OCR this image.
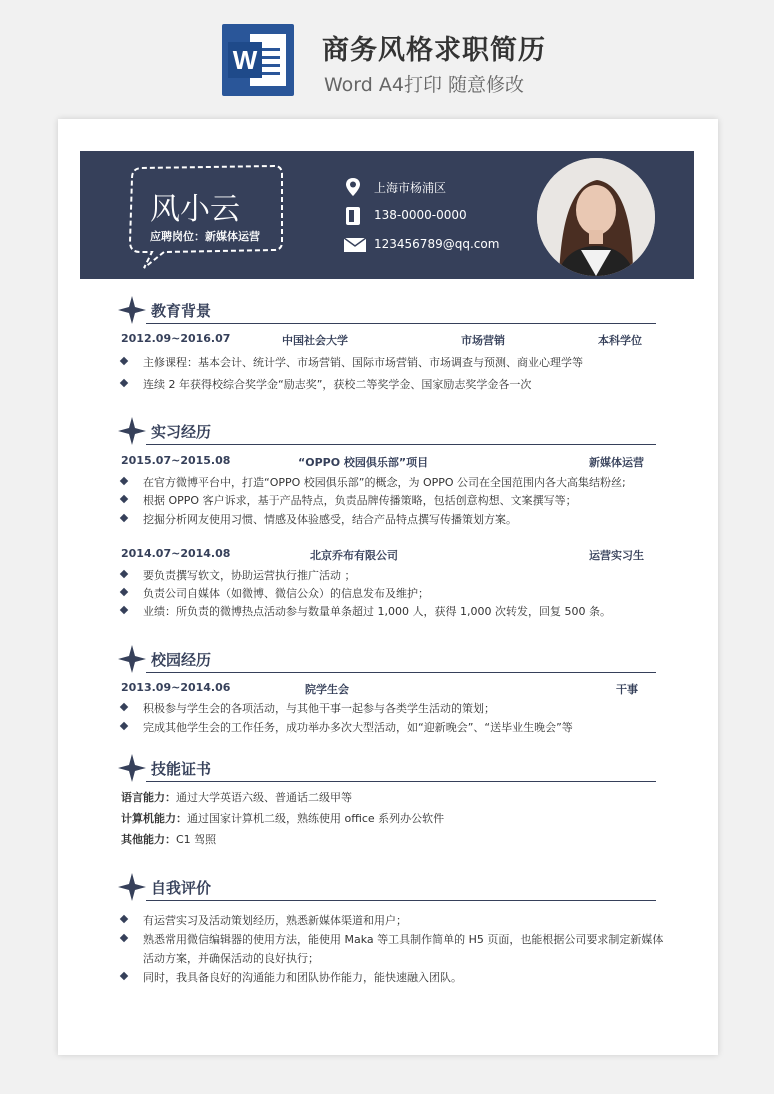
W 商务风格求职简历
Word A4打印 随意修改
风小云
应聘岗位：新媒体运营
上海市杨浦区
138-0000-0000
123456789@qq.com
教育背景
2012.09~2016.07	中国社会大学	市场营销	本科学位
主修课程：基本会计、统计学、市场营销、国际市场营销、市场调查与预测、商业心理学等
连续 2 年获得校综合奖学金“励志奖”，获校二等奖学金、国家励志奖学金各一次
实习经历
2015.07~2015.08	“OPPO 校园俱乐部”项目	新媒体运营
在官方微博平台中，打造“OPPO 校园俱乐部”的概念，为 OPPO 公司在全国范围内各大高集结粉丝;
根据 OPPO 客户诉求，基于产品特点，负责品牌传播策略，包括创意构想、文案撰写等；
挖掘分析网友使用习惯、情感及体验感受，结合产品特点撰写传播策划方案。
2014.07~2014.08	北京乔布有限公司	运营实习生
要负责撰写软文，协助运营执行推广活动 ；
负责公司自媒体（如微博、微信公众）的信息发布及维护；
业绩：所负责的微博热点活动参与数量单条超过 1,000 人，获得 1,000 次转发，回复 500 条。
校园经历
2013.09~2014.06	院学生会	干事
积极参与学生会的各项活动，与其他干事一起参与各类学生活动的策划；
完成其他学生会的工作任务，成功举办多次大型活动，如“迎新晚会”、“送毕业生晚会”等
技能证书
语言能力：通过大学英语六级、普通话二级甲等
计算机能力：通过国家计算机二级，熟练使用 office 系列办公软件
其他能力：C1 驾照
自我评价
有运营实习及活动策划经历，熟悉新媒体渠道和用户；
熟悉常用微信编辑器的使用方法，能使用 Maka 等工具制作简单的 H5 页面，也能根据公司要求制定新媒体
活动方案，并确保活动的良好执行；
同时，我具备良好的沟通能力和团队协作能力，能快速融入团队。
